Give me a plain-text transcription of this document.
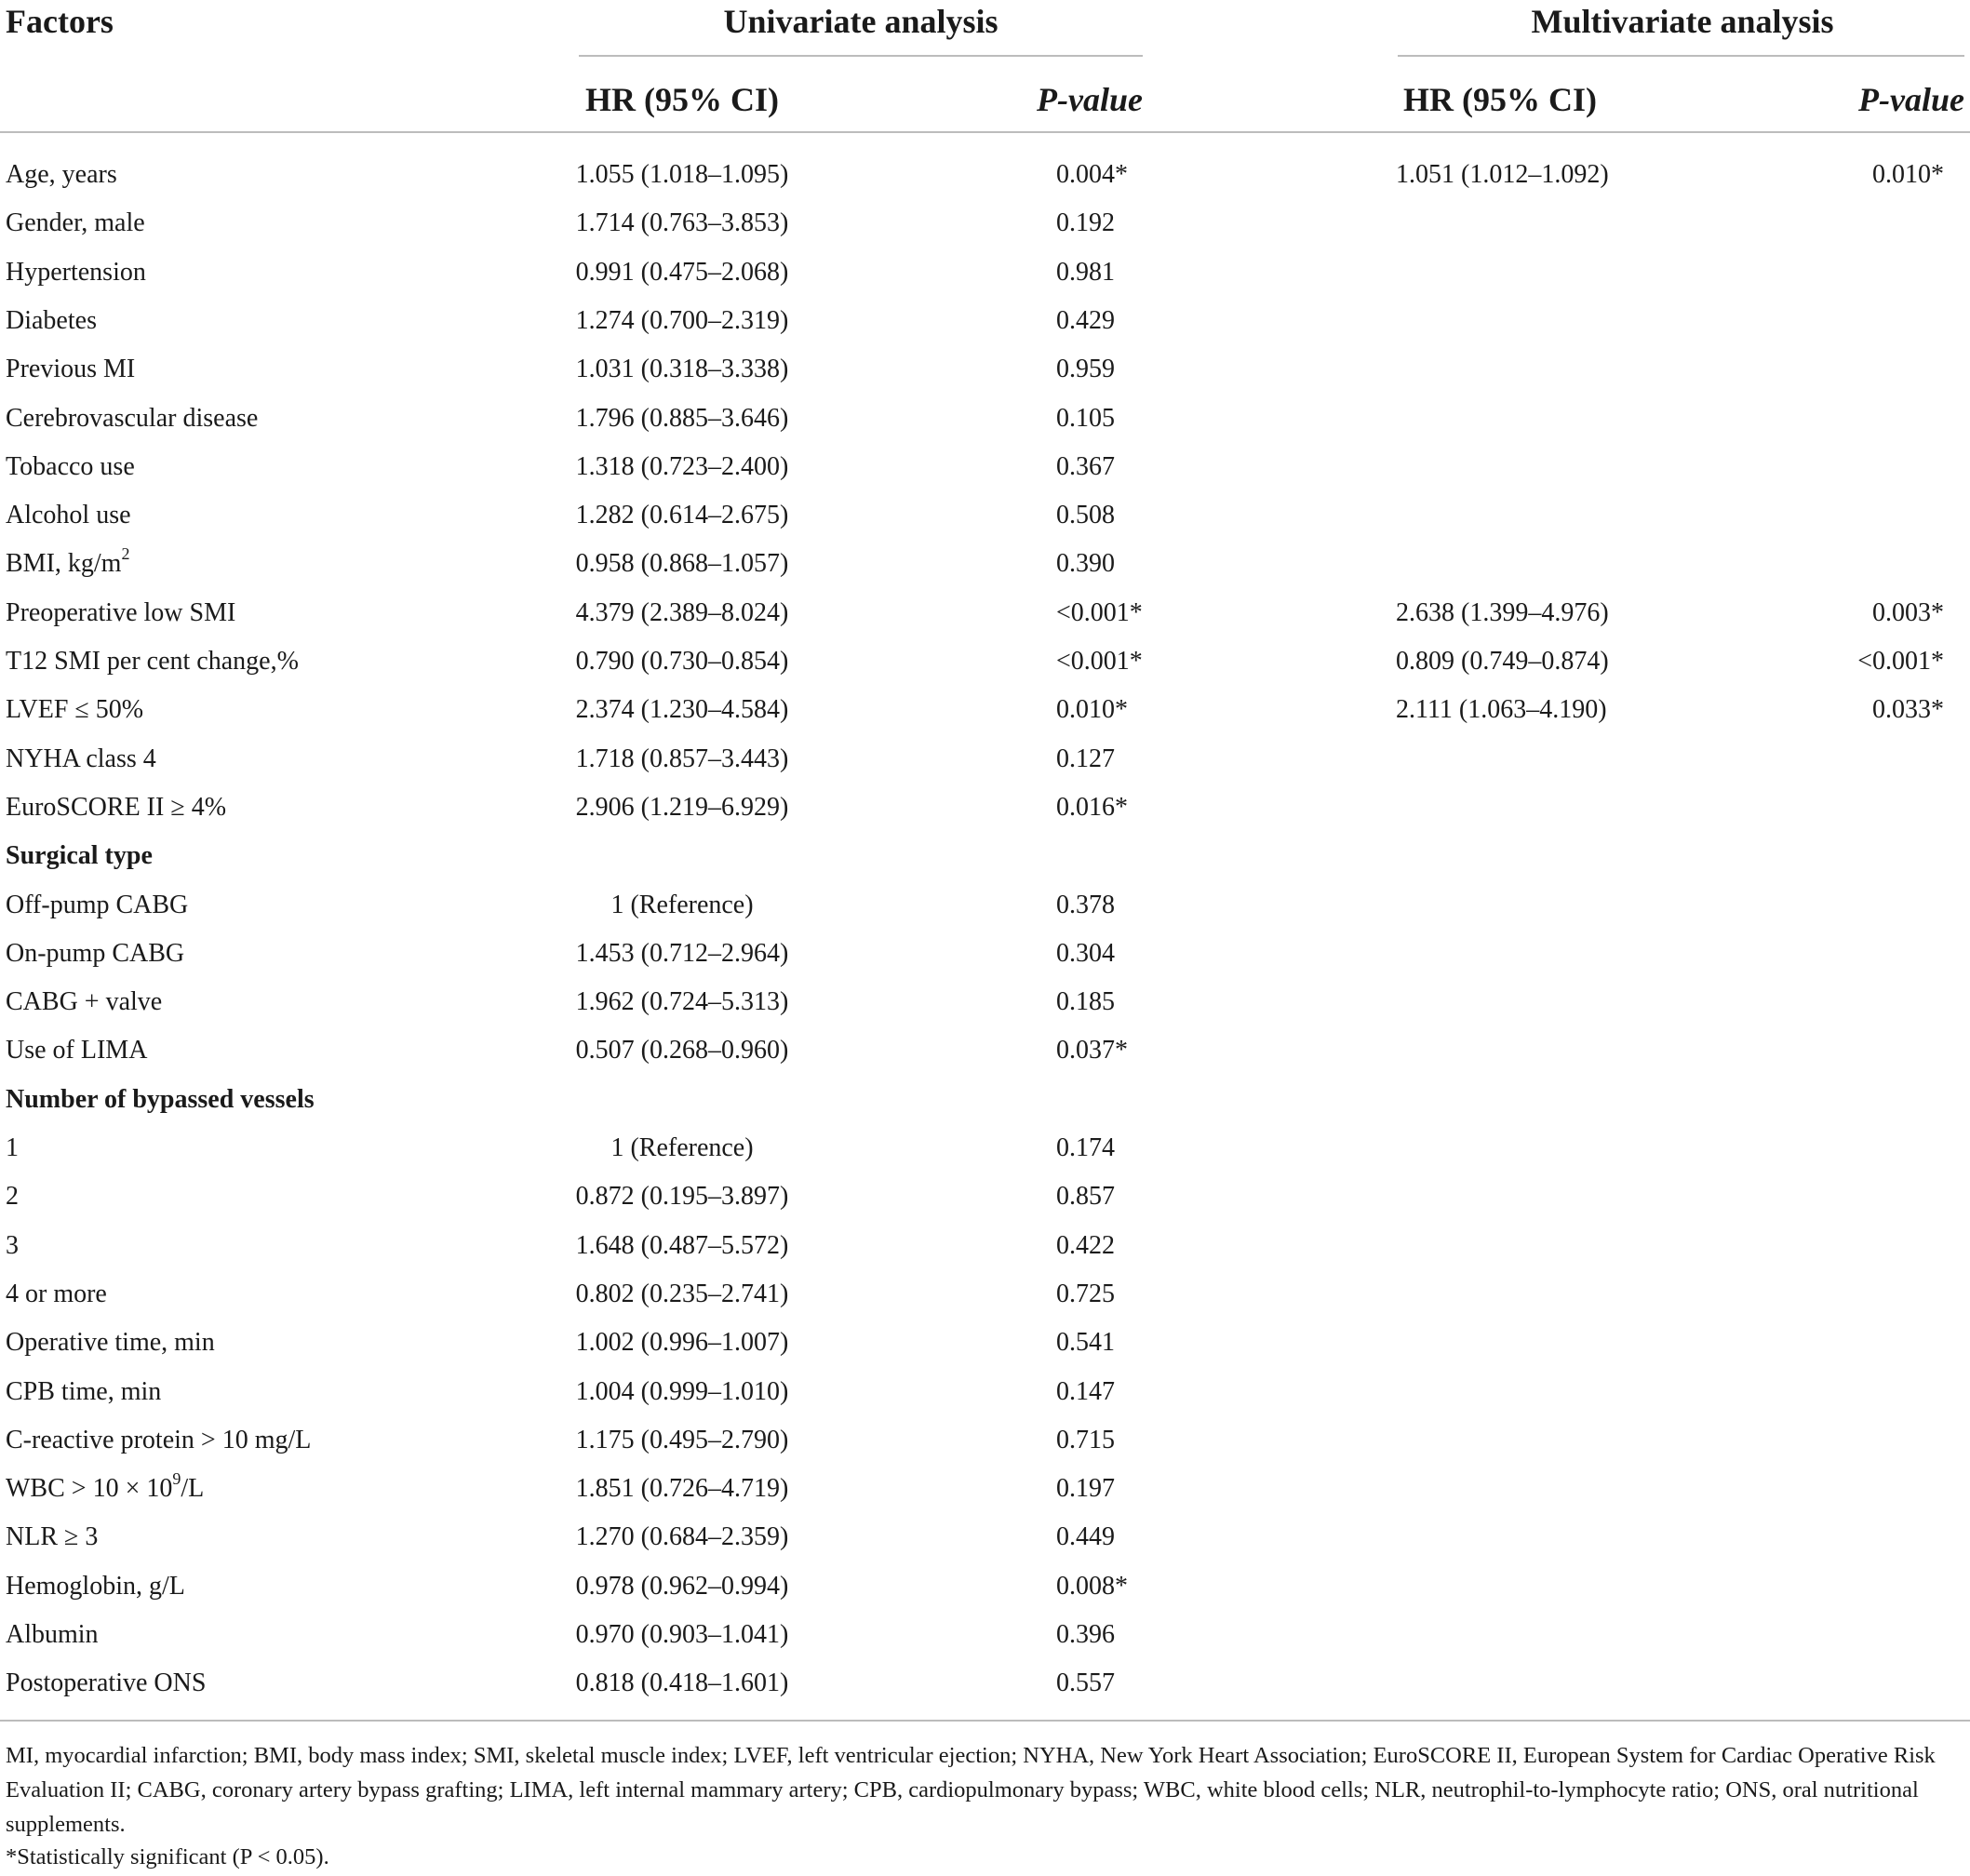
Factors	Univariate analysis	Multivariate analysis
HR (95% CI)	P-value	HR (95% CI)	P-value
Age, years	1.055 (1.018–1.095)	0.004*	1.051 (1.012–1.092)	0.010*
Gender, male	1.714 (0.763–3.853)	0.192
Hypertension	0.991 (0.475–2.068)	0.981
Diabetes	1.274 (0.700–2.319)	0.429
Previous MI	1.031 (0.318–3.338)	0.959
Cerebrovascular disease	1.796 (0.885–3.646)	0.105
Tobacco use	1.318 (0.723–2.400)	0.367
Alcohol use	1.282 (0.614–2.675)	0.508
BMI, $kg/m^2$	0.958 (0.868–1.057)	0.390
Preoperative low SMI	4.379 (2.389–8.024)	<0.001*	2.638 (1.399–4.976)	0.003*
T12 SMI per cent change,%	0.790 (0.730–0.854)	<0.001*	0.809 (0.749–0.874)	<0.001*
LVEF ≤ 50%	2.374 (1.230–4.584)	0.010*	2.111 (1.063–4.190)	0.033*
NYHA class 4	1.718 (0.857–3.443)	0.127
EuroSCORE II ≥ 4%	2.906 (1.219–6.929)	0.016*
Surgical type
Off-pump CABG	1 (Reference)	0.378
On-pump CABG	1.453 (0.712–2.964)	0.304
CABG + valve	1.962 (0.724–5.313)	0.185
Use of LIMA	0.507 (0.268–0.960)	0.037*
Number of bypassed vessels
1	1 (Reference)	0.174
2	0.872 (0.195–3.897)	0.857
3	1.648 (0.487–5.572)	0.422
4 or more	0.802 (0.235–2.741)	0.725
Operative time, min	1.002 (0.996–1.007)	0.541
CPB time, min	1.004 (0.999–1.010)	0.147
C-reactive protein > 10 mg/L	1.175 (0.495–2.790)	0.715
WBC > $10 \times 10^9/L$	1.851 (0.726–4.719)	0.197
NLR ≥ 3	1.270 (0.684–2.359)	0.449
Hemoglobin, g/L	0.978 (0.962–0.994)	0.008*
Albumin	0.970 (0.903–1.041)	0.396
Postoperative ONS	0.818 (0.418–1.601)	0.557
MI, myocardial infarction; BMI, body mass index; SMI, skeletal muscle index; LVEF, left ventricular ejection; NYHA, New York Heart Association; EuroSCORE II, European System for Cardiac Operative Risk Evaluation II; CABG, coronary artery bypass grafting; LIMA, left internal mammary artery; CPB, cardiopulmonary bypass; WBC, white blood cells; NLR, neutrophil-to-lymphocyte ratio; ONS, oral nutritional supplements.
*Statistically significant (P < 0.05).
